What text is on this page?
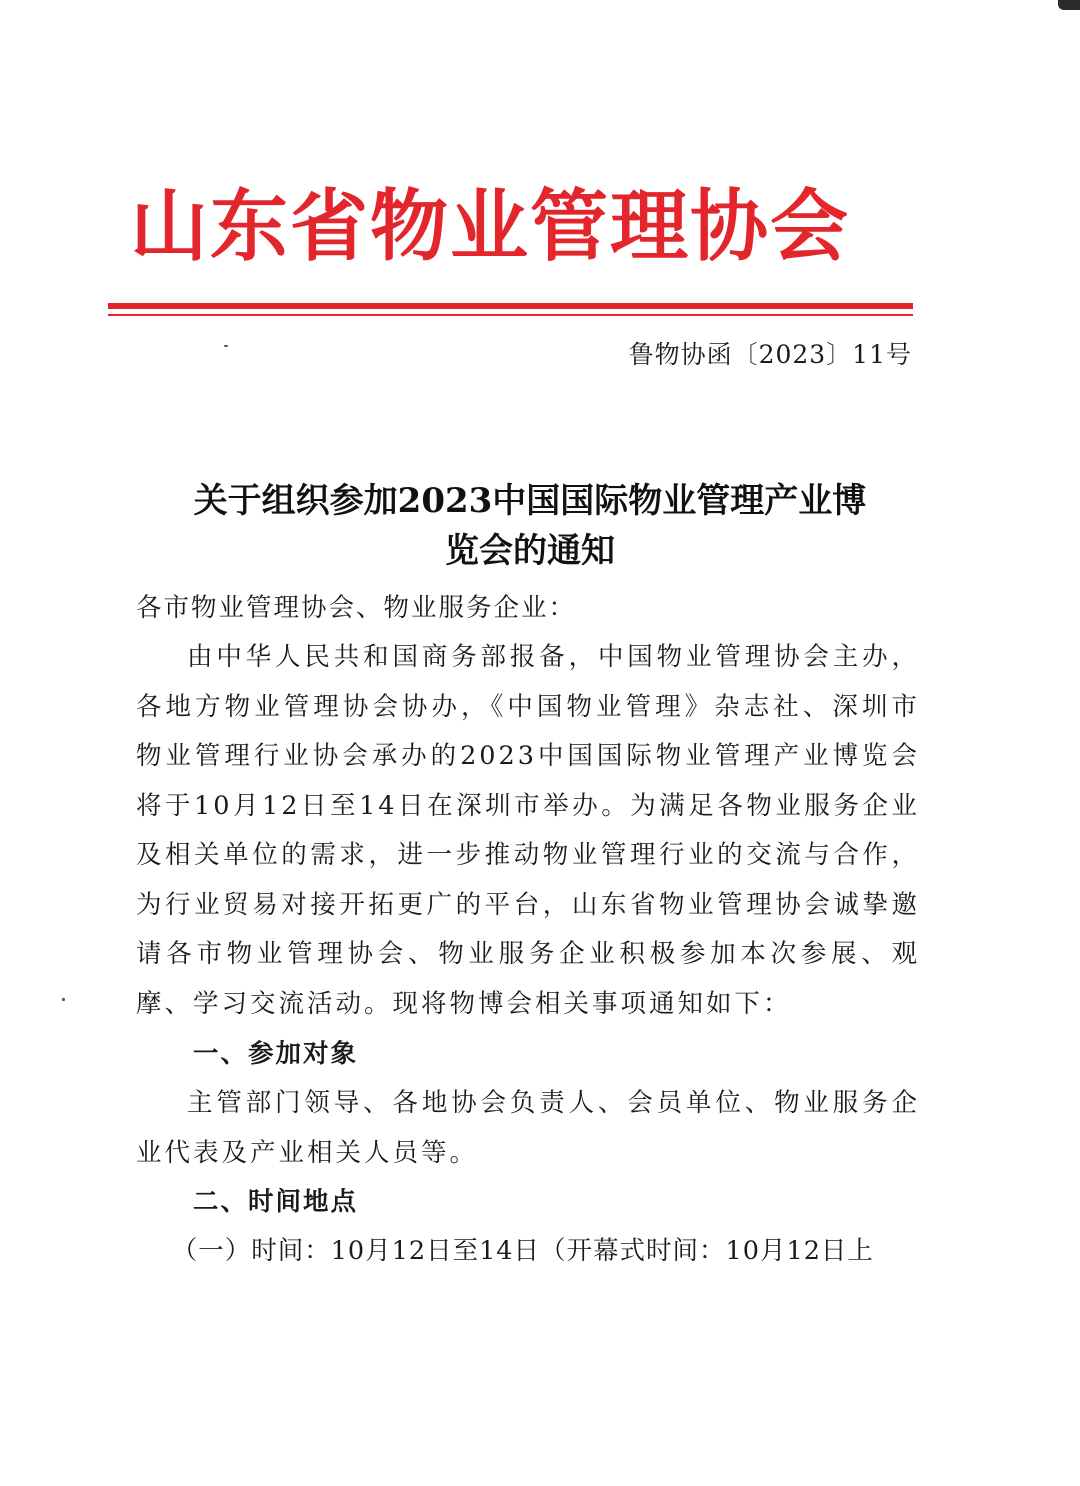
山东省物业管理协会
鲁物协函〔2023〕11号
关于组织参加2023中国国际物业管理产业博
览会的通知
各市物业管理协会、物业服务企业：
由中华人民共和国商务部报备，中国物业管理协会主办，各地方物业管理协会协办，《中国物业管理》杂志社、深圳市物业管理行业协会承办的2023中国国际物业管理产业博览会将于10月12日至14日在深圳市举办。为满足各物业服务企业及相关单位的需求，进一步推动物业管理行业的交流与合作，为行业贸易对接开拓更广的平台，山东省物业管理协会诚挚邀请各市物业管理协会、物业服务企业积极参加本次参展、观摩、学习交流活动。现将物博会相关事项通知如下：
一、参加对象
主管部门领导、各地协会负责人、会员单位、物业服务企业代表及产业相关人员等。
二、时间地点
（一）时间：10月12日至14日（开幕式时间：10月12日上
